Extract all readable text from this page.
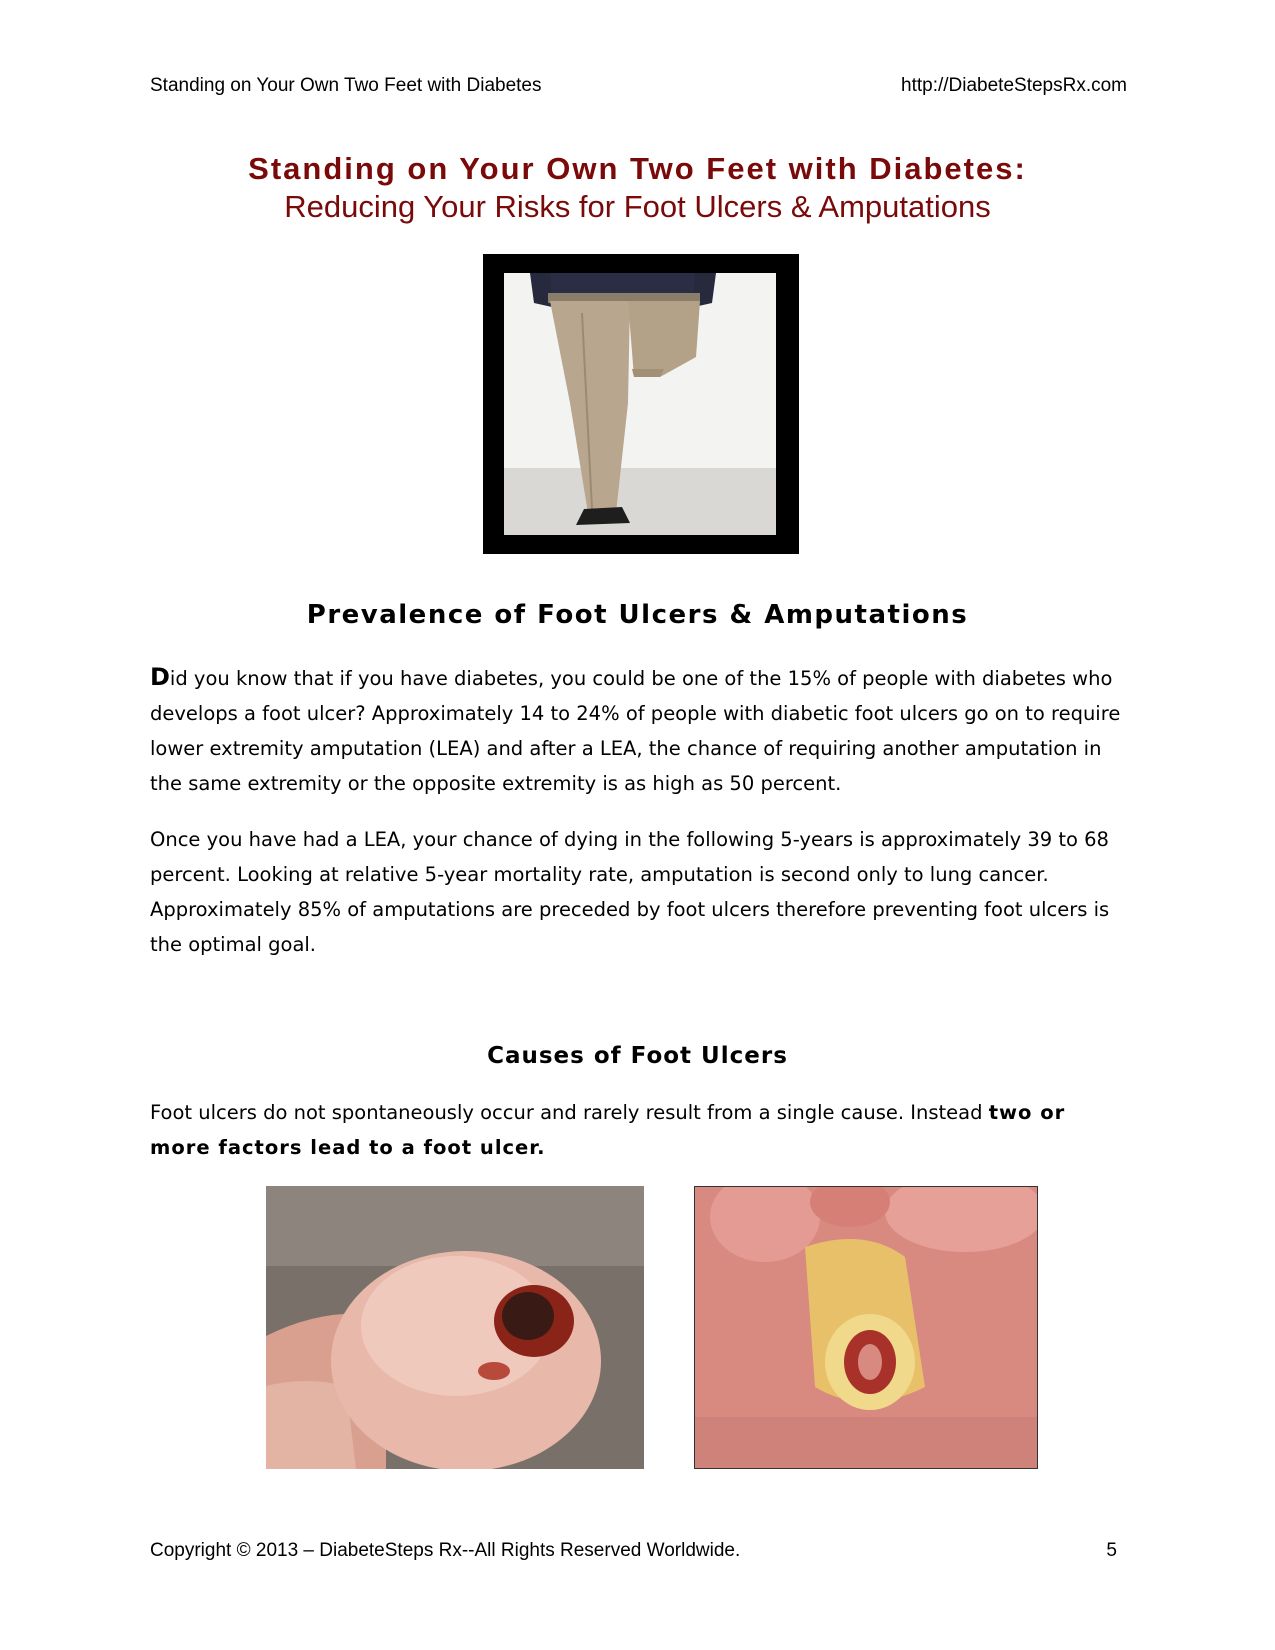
Standing on Your Own Two Feet with Diabetes	http://DiabeteStepsRx.com
Standing on Your Own Two Feet with Diabetes:
Reducing Your Risks for Foot Ulcers & Amputations
Prevalence of Foot Ulcers & Amputations
Did you know that if you have diabetes, you could be one of the 15% of people with diabetes who develops a foot ulcer? Approximately 14 to 24% of people with diabetic foot ulcers go on to require lower extremity amputation (LEA) and after a LEA, the chance of requiring another amputation in the same extremity or the opposite extremity is as high as 50 percent.
Once you have had a LEA, your chance of dying in the following 5-years is approximately 39 to 68 percent. Looking at relative 5-year mortality rate, amputation is second only to lung cancer. Approximately 85% of amputations are preceded by foot ulcers therefore preventing foot ulcers is the optimal goal.
Causes of Foot Ulcers
Foot ulcers do not spontaneously occur and rarely result from a single cause. Instead two or more factors lead to a foot ulcer.
Copyright © 2013 – DiabeteSteps Rx--All Rights Reserved Worldwide.	5
